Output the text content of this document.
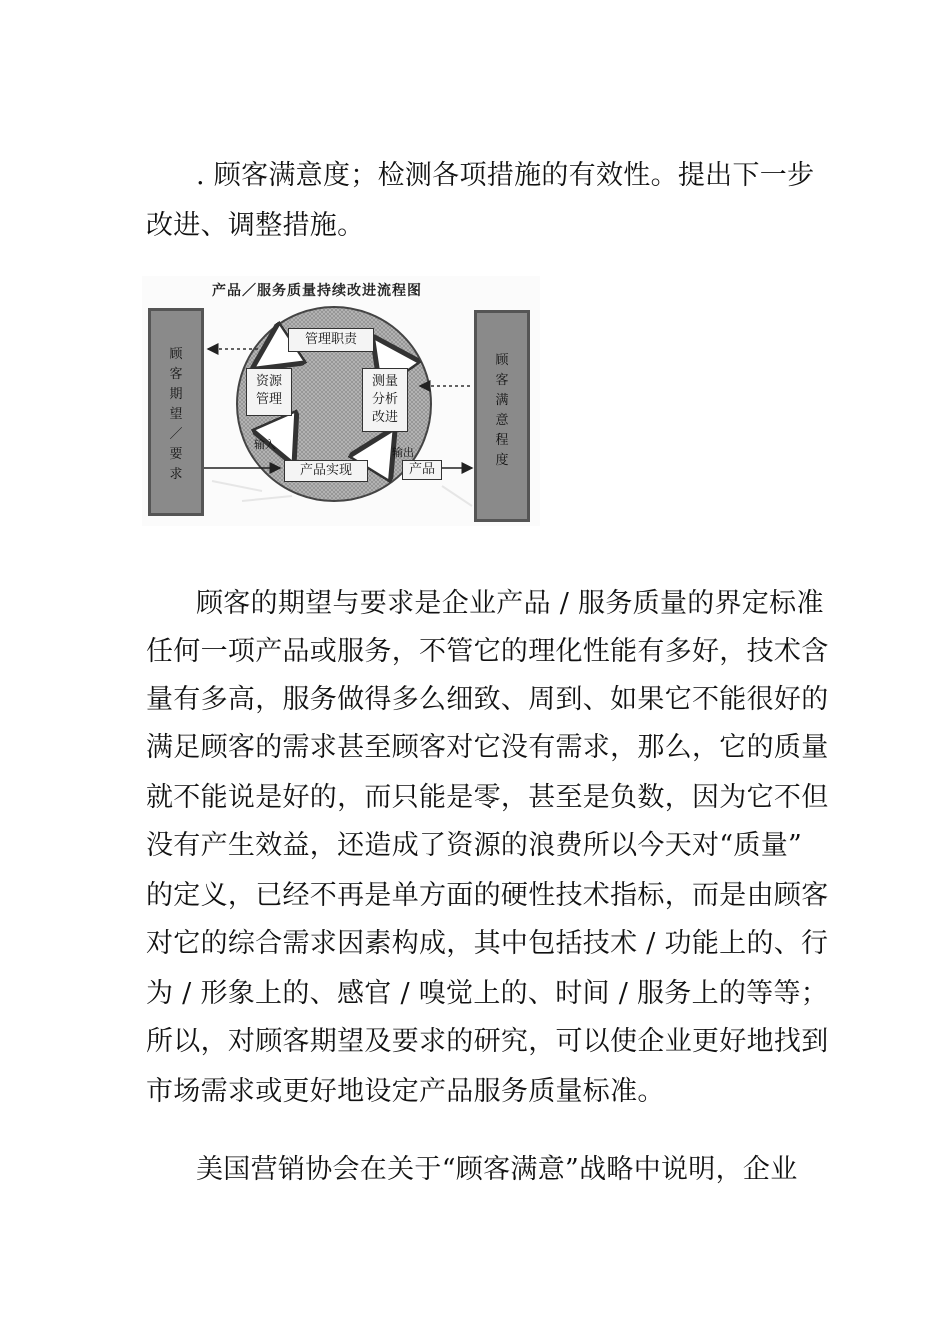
. 顾客满意度；检测各项措施的有效性。提出下一步
改进、调整措施。
产品／服务质量持续改进流程图
顾
客
期
望
／
要
求
顾
客
满
意
程
度
管理职责
资源
管理
测量
分析
改进
产品实现	产品
输入
输出
顾客的期望与要求是企业产品 / 服务质量的界定标准
任何一项产品或服务，不管它的理化性能有多好，技术含
量有多高，服务做得多么细致、周到、如果它不能很好的
满足顾客的需求甚至顾客对它没有需求，那么，它的质量
就不能说是好的，而只能是零，甚至是负数，因为它不但
没有产生效益，还造成了资源的浪费所以今天对“质量”
的定义，已经不再是单方面的硬性技术指标，而是由顾客
对它的综合需求因素构成，其中包括技术 / 功能上的、行
为 / 形象上的、感官 / 嗅觉上的、时间 / 服务上的等等；
所以，对顾客期望及要求的研究，可以使企业更好地找到
市场需求或更好地设定产品服务质量标准。
美国营销协会在关于“顾客满意”战略中说明，企业
